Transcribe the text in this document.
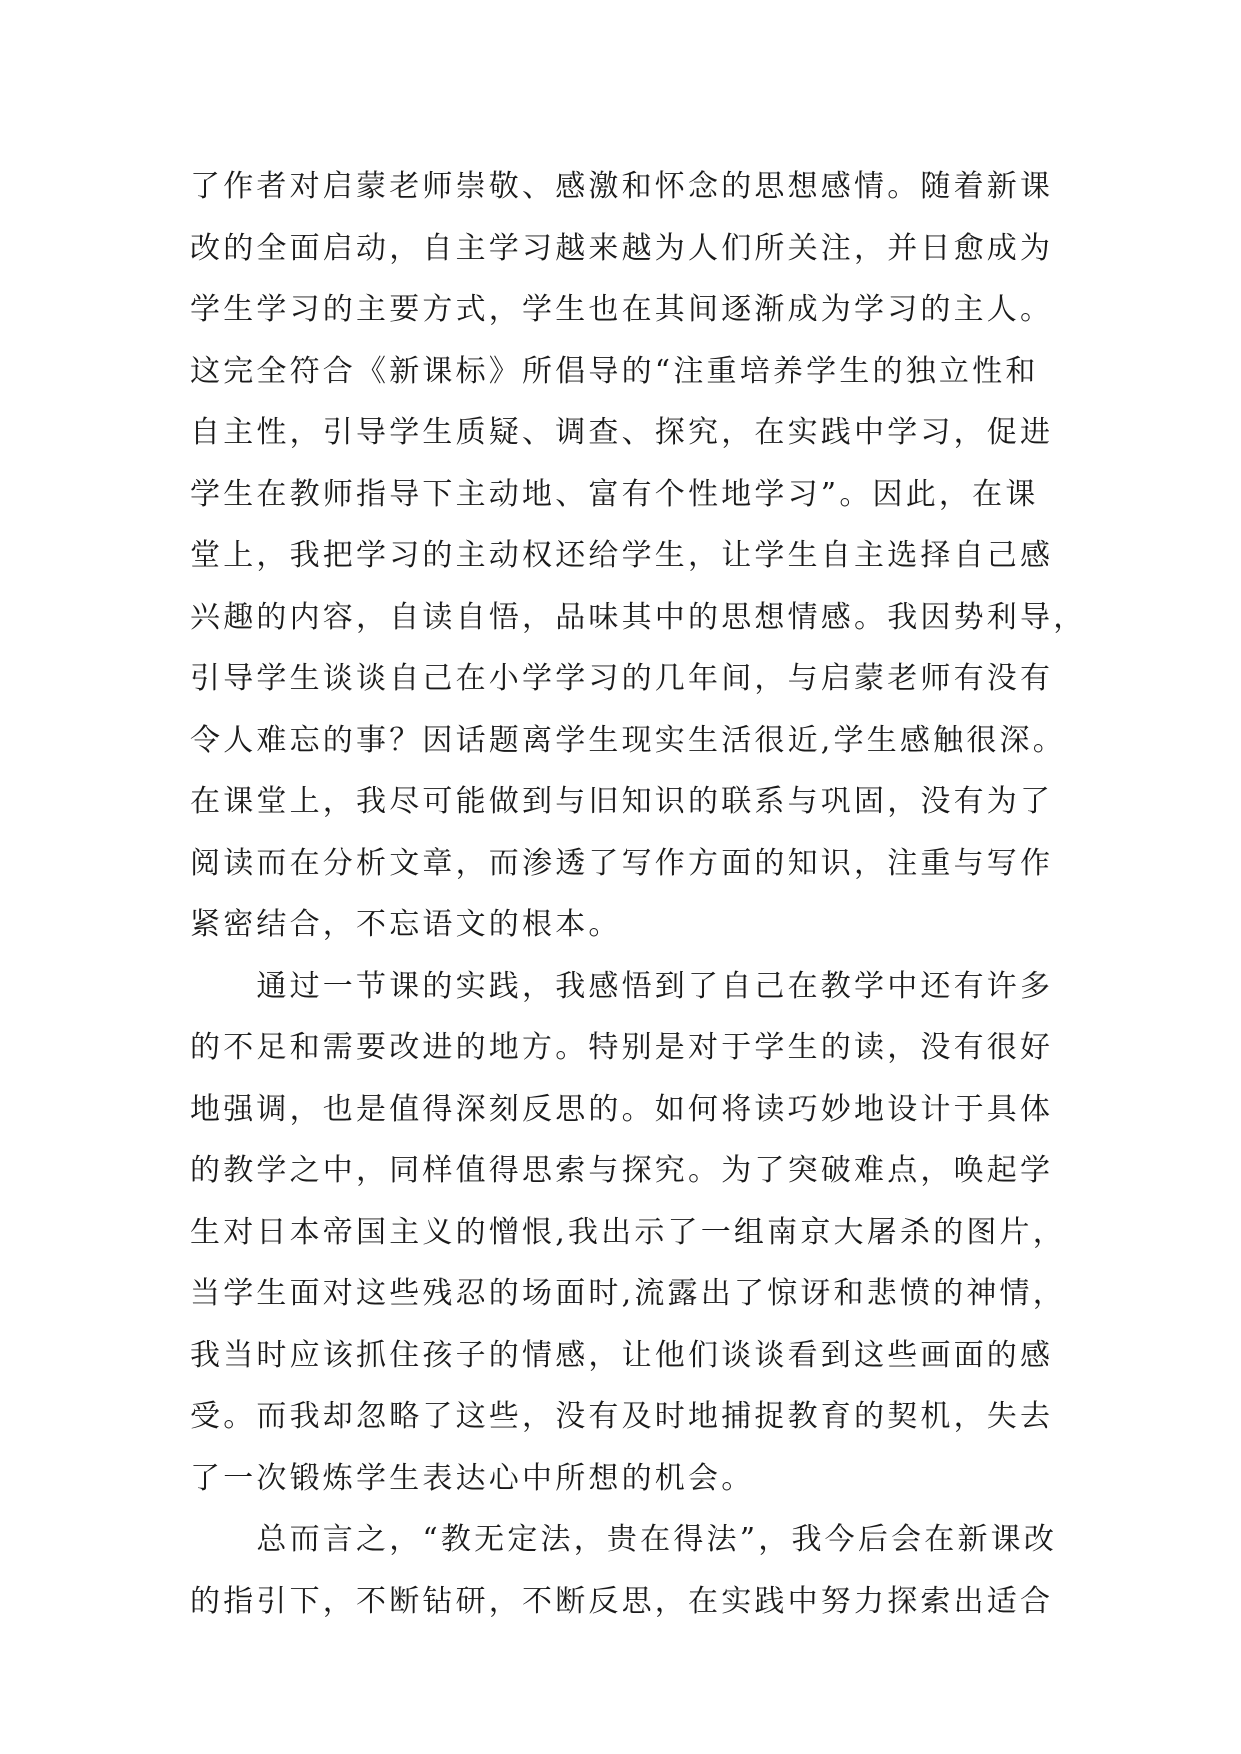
了作者对启蒙老师崇敬、感激和怀念的思想感情。随着新课
改的全面启动，自主学习越来越为人们所关注，并日愈成为
学生学习的主要方式，学生也在其间逐渐成为学习的主人。
这完全符合《新课标》所倡导的“注重培养学生的独立性和
自主性，引导学生质疑、调查、探究，在实践中学习，促进
学生在教师指导下主动地、富有个性地学习”。因此，在课
堂上，我把学习的主动权还给学生，让学生自主选择自己感
兴趣的内容，自读自悟，品味其中的思想情感。我因势利导，
引导学生谈谈自己在小学学习的几年间，与启蒙老师有没有
令人难忘的事？因话题离学生现实生活很近,学生感触很深。
在课堂上，我尽可能做到与旧知识的联系与巩固，没有为了
阅读而在分析文章，而渗透了写作方面的知识，注重与写作
紧密结合，不忘语文的根本。
　　通过一节课的实践，我感悟到了自己在教学中还有许多
的不足和需要改进的地方。特别是对于学生的读，没有很好
地强调，也是值得深刻反思的。如何将读巧妙地设计于具体
的教学之中，同样值得思索与探究。为了突破难点，唤起学
生对日本帝国主义的憎恨,我出示了一组南京大屠杀的图片，
当学生面对这些残忍的场面时,流露出了惊讶和悲愤的神情，
我当时应该抓住孩子的情感，让他们谈谈看到这些画面的感
受。而我却忽略了这些，没有及时地捕捉教育的契机，失去
了一次锻炼学生表达心中所想的机会。
　　总而言之，“教无定法，贵在得法”，我今后会在新课改
的指引下，不断钻研，不断反思，在实践中努力探索出适合
